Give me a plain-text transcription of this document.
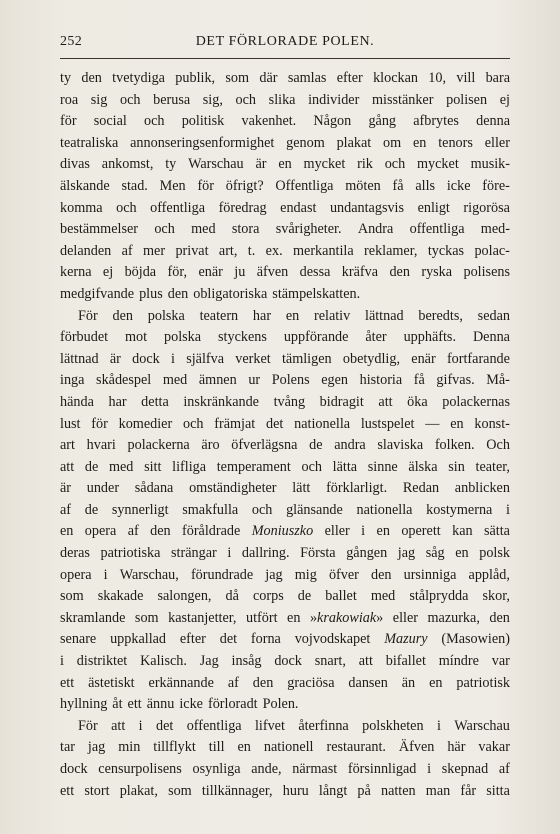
252	DET FÖRLORADE POLEN.
ty den tvetydiga publik, som där samlas efter klockan 10, vill bara
roa sig och berusa sig, och slika individer misstänker polisen ej
för social och politisk vakenhet. Någon gång afbrytes denna
teatraliska annonseringsenformighet genom plakat om en tenors eller
divas ankomst, ty Warschau är en mycket rik och mycket musik-
älskande stad. Men för öfrigt? Offentliga möten få alls icke före-
komma och offentliga föredrag endast undantagsvis enligt rigorösa
bestämmelser och med stora svårigheter. Andra offentliga med-
delanden af mer privat art, t. ex. merkantila reklamer, tyckas polac-
kerna ej böjda för, enär ju äfven dessa kräfva den ryska polisens
medgifvande plus den obligatoriska stämpelskatten.
För den polska teatern har en relativ lättnad beredts, sedan
förbudet mot polska styckens uppförande åter upphäfts. Denna
lättnad är dock i själfva verket tämligen obetydlig, enär fortfarande
inga skådespel med ämnen ur Polens egen historia få gifvas. Må-
hända har detta inskränkande tvång bidragit att öka polackernas
lust för komedier och främjat det nationella lustspelet — en konst-
art hvari polackerna äro öfverlägsna de andra slaviska folken. Och
att de med sitt lifliga temperament och lätta sinne älska sin teater,
är under sådana omständigheter lätt förklarligt. Redan anblicken
af de synnerligt smakfulla och glänsande nationella kostymerna i
en opera af den föråldrade Moniuszko eller i en operett kan sätta
deras patriotiska strängar i dallring. Första gången jag såg en polsk
opera i Warschau, förundrade jag mig öfver den ursinniga applåd,
som skakade salongen, då corps de ballet med stålprydda skor,
skramlande som kastanjetter, utfört en »krakowiak» eller mazurka, den
senare uppkallad efter det forna vojvodskapet Mazury (Masowien)
i distriktet Kalisch. Jag insåg dock snart, att bifallet míndre var
ett ästetiskt erkännande af den graciösa dansen än en patriotisk
hyllning åt ett ännu icke förloradt Polen.
För att i det offentliga lifvet återfinna polskheten i Warschau
tar jag min tillflykt till en nationell restaurant. Äfven här vakar
dock censurpolisens osynliga ande, närmast försinnligad i skepnad af
ett stort plakat, som tillkännager, huru långt på natten man får sitta
